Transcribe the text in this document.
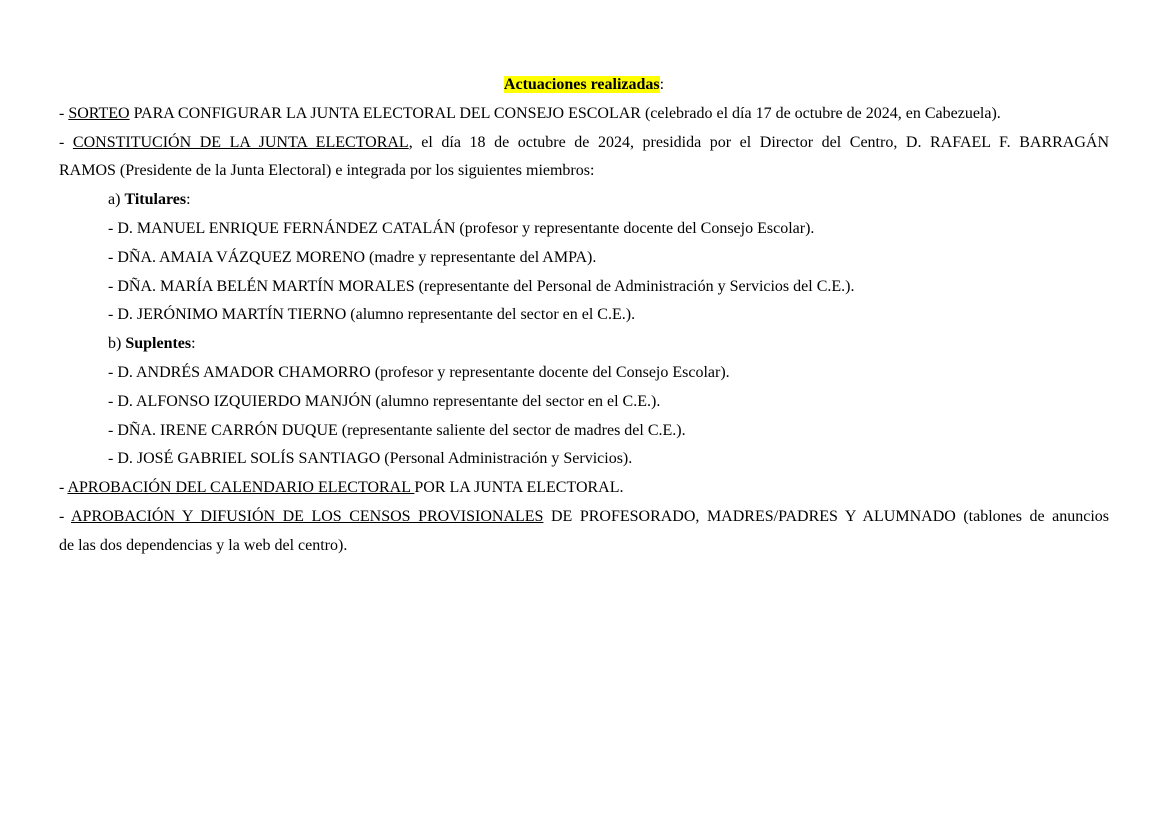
Actuaciones realizadas:
- SORTEO PARA CONFIGURAR LA JUNTA ELECTORAL DEL CONSEJO ESCOLAR (celebrado el día 17 de octubre de 2024, en Cabezuela).
- CONSTITUCIÓN DE LA JUNTA ELECTORAL, el día 18 de octubre de 2024, presidida por el Director del Centro, D. RAFAEL F. BARRAGÁN
RAMOS (Presidente de la Junta Electoral) e integrada por los siguientes miembros:
a) Titulares:
- D. MANUEL ENRIQUE FERNÁNDEZ CATALÁN (profesor y representante docente del Consejo Escolar).
- DÑA. AMAIA VÁZQUEZ MORENO (madre y representante del AMPA).
- DÑA. MARÍA BELÉN MARTÍN MORALES (representante del Personal de Administración y Servicios del C.E.).
- D. JERÓNIMO MARTÍN TIERNO (alumno representante del sector en el C.E.).
b) Suplentes:
- D. ANDRÉS AMADOR CHAMORRO (profesor y representante docente del Consejo Escolar).
- D. ALFONSO IZQUIERDO MANJÓN (alumno representante del sector en el C.E.).
- DÑA. IRENE CARRÓN DUQUE (representante saliente del sector de madres del C.E.).
- D. JOSÉ GABRIEL SOLÍS SANTIAGO (Personal Administración y Servicios).
- APROBACIÓN DEL CALENDARIO ELECTORAL POR LA JUNTA ELECTORAL.
- APROBACIÓN Y DIFUSIÓN DE LOS CENSOS PROVISIONALES DE PROFESORADO, MADRES/PADRES Y ALUMNADO (tablones de anuncios
de las dos dependencias y la web del centro).
